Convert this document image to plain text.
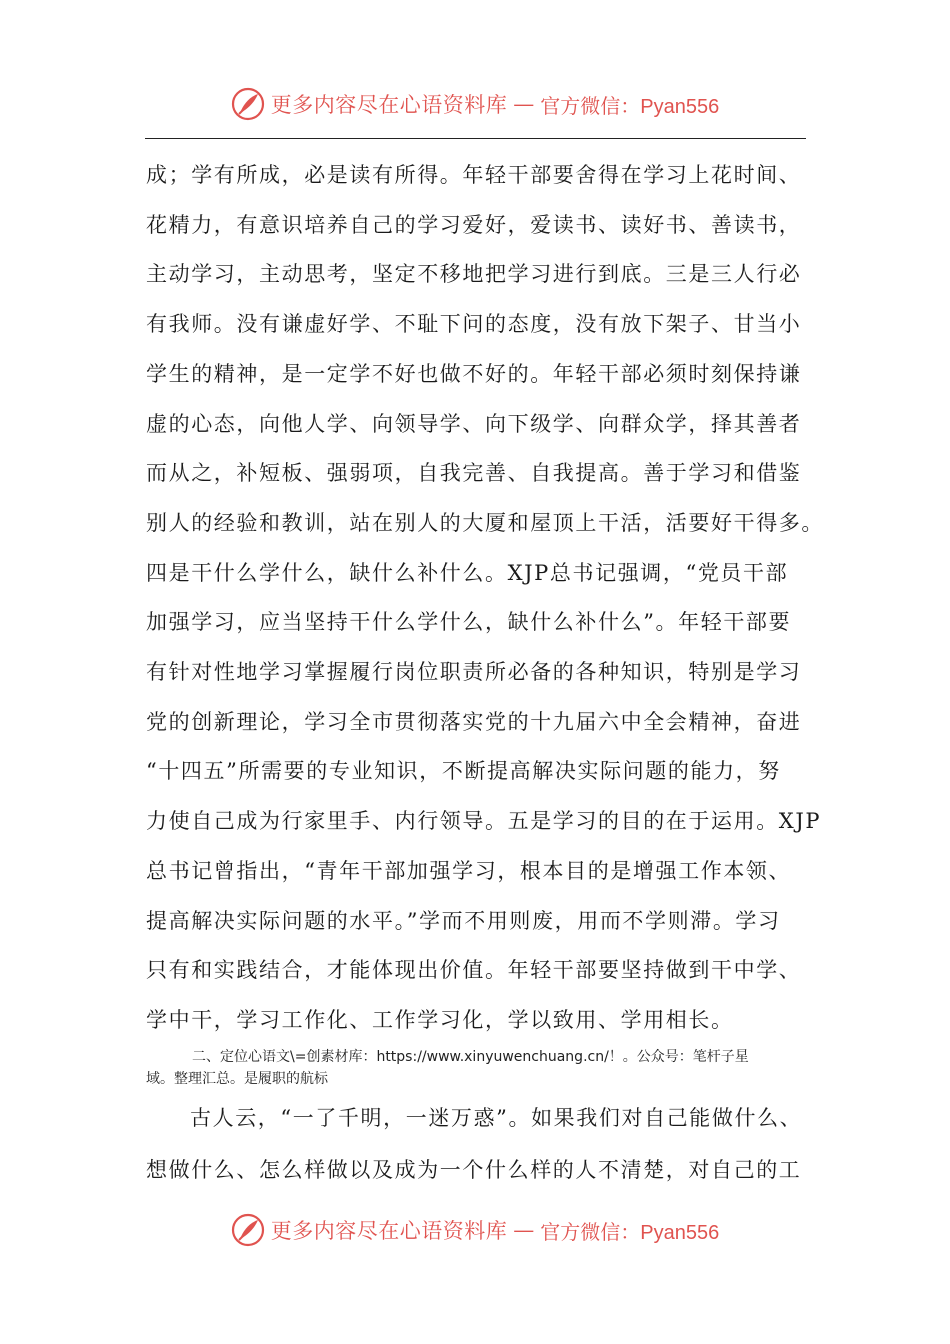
更多内容尽在心语资料库 — 官方微信：Pyan556

成；学有所成，必是读有所得。年轻干部要舍得在学习上花时间、
花精力，有意识培养自己的学习爱好，爱读书、读好书、善读书，
主动学习，主动思考，坚定不移地把学习进行到底。三是三人行必
有我师。没有谦虚好学、不耻下问的态度，没有放下架子、甘当小
学生的精神，是一定学不好也做不好的。年轻干部必须时刻保持谦
虚的心态，向他人学、向领导学、向下级学、向群众学，择其善者
而从之，补短板、强弱项，自我完善、自我提高。善于学习和借鉴
别人的经验和教训，站在别人的大厦和屋顶上干活，活要好干得多。
四是干什么学什么，缺什么补什么。XJP总书记强调，“党员干部
加强学习，应当坚持干什么学什么，缺什么补什么”。年轻干部要
有针对性地学习掌握履行岗位职责所必备的各种知识，特别是学习
党的创新理论，学习全市贯彻落实党的十九届六中全会精神，奋进
“十四五”所需要的专业知识，不断提高解决实际问题的能力，努
力使自己成为行家里手、内行领导。五是学习的目的在于运用。XJP
总书记曾指出，“青年干部加强学习，根本目的是增强工作本领、
提高解决实际问题的水平。”学而不用则废，用而不学则滞。学习
只有和实践结合，才能体现出价值。年轻干部要坚持做到干中学、
学中干，学习工作化、工作学习化，学以致用、学用相长。

二、定位心语文\=创素材库：https://www.xinyuwenchuang.cn/！。公众号：笔杆子星
域。整理汇总。是履职的航标
古人云，“一了千明，一迷万惑”。如果我们对自己能做什么、
想做什么、怎么样做以及成为一个什么样的人不清楚，对自己的工
更多内容尽在心语资料库 — 官方微信：Pyan556
